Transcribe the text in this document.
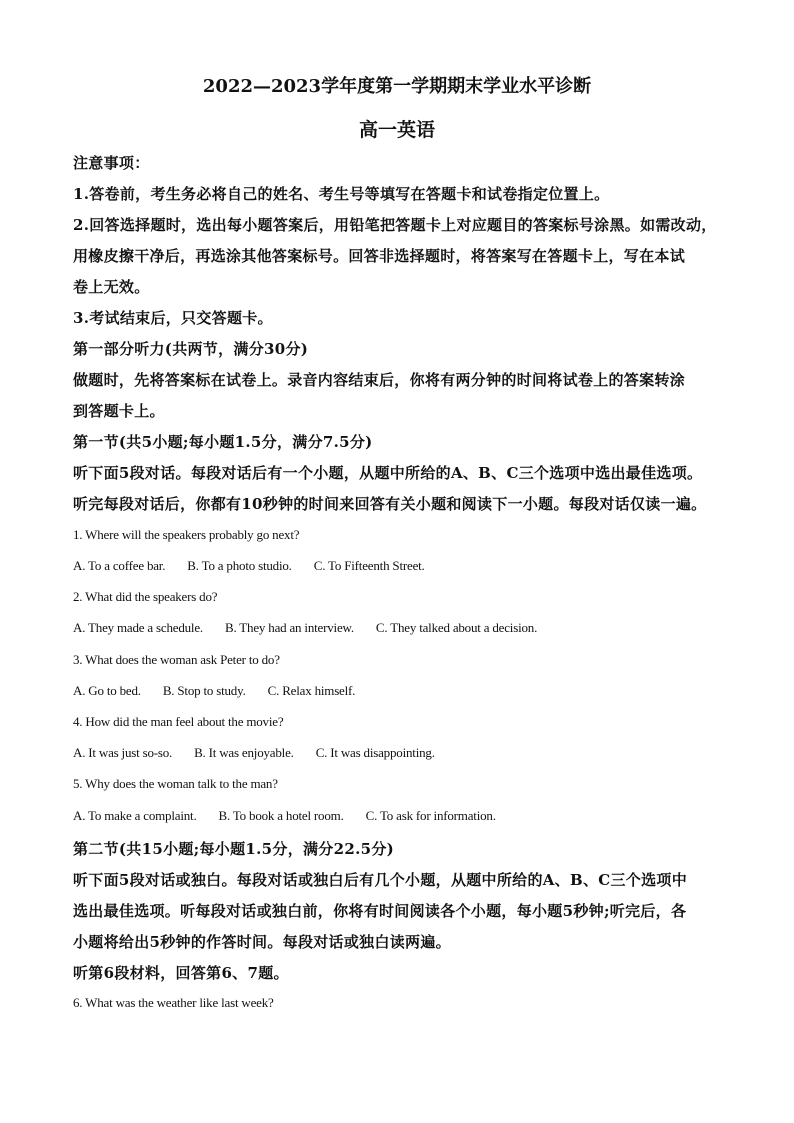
2022—2023学年度第一学期期末学业水平诊断
高一英语
注意事项：
1.答卷前，考生务必将自己的姓名、考生号等填写在答题卡和试卷指定位置上。
2.回答选择题时，选出每小题答案后，用铅笔把答题卡上对应题目的答案标号涂黑。如需改动，
用橡皮擦干净后，再选涂其他答案标号。回答非选择题时，将答案写在答题卡上，写在本试
卷上无效。
3.考试结束后，只交答题卡。
第一部分听力(共两节，满分30分)
做题时，先将答案标在试卷上。录音内容结束后，你将有两分钟的时间将试卷上的答案转涂
到答题卡上。
第一节(共5小题;每小题1.5分，满分7.5分)
听下面5段对话。每段对话后有一个小题，从题中所给的A、B、C三个选项中选出最佳选项。
听完每段对话后，你都有10秒钟的时间来回答有关小题和阅读下一小题。每段对话仅读一遍。
1. Where will the speakers probably go next?
A. To a coffee bar. B. To a photo studio. C. To Fifteenth Street.
2. What did the speakers do?
A. They made a schedule. B. They had an interview. C. They talked about a decision.
3. What does the woman ask Peter to do?
A. Go to bed. B. Stop to study. C. Relax himself.
4. How did the man feel about the movie?
A. It was just so-so. B. It was enjoyable. C. It was disappointing.
5. Why does the woman talk to the man?
A. To make a complaint. B. To book a hotel room. C. To ask for information.
第二节(共15小题;每小题1.5分，满分22.5分)
听下面5段对话或独白。每段对话或独白后有几个小题，从题中所给的A、B、C三个选项中
选出最佳选项。听每段对话或独白前，你将有时间阅读各个小题，每小题5秒钟;听完后，各
小题将给出5秒钟的作答时间。每段对话或独白读两遍。
听第6段材料，回答第6、7题。
6. What was the weather like last week?
